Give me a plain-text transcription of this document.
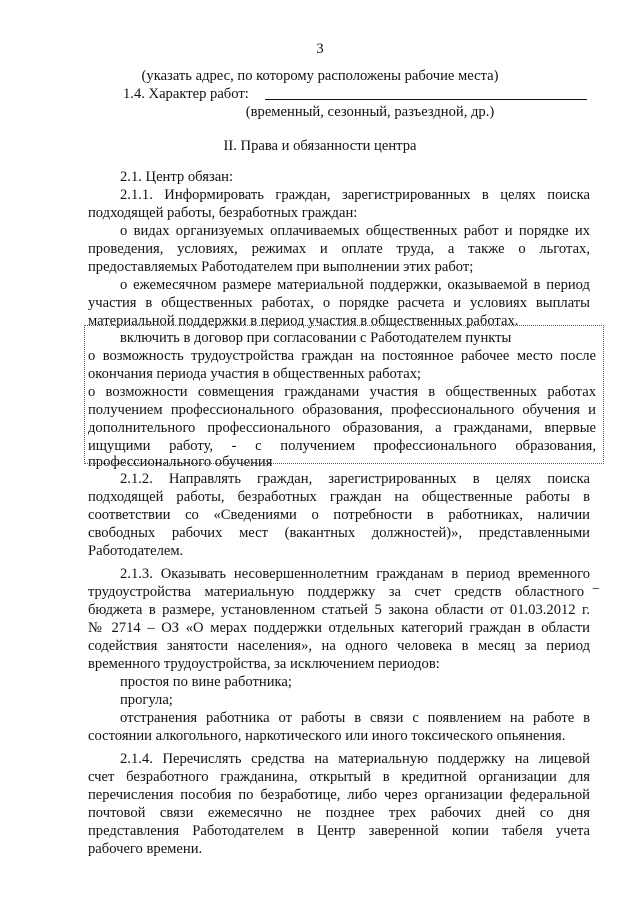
3
(указать адрес, по которому расположены рабочие места)
1.4. Характер работ:
(временный, сезонный, разъездной, др.)
II. Права и обязанности центра
2.1. Центр обязан:
2.1.1. Информировать граждан, зарегистрированных в целях поиска
подходящей работы, безработных граждан:
о видах организуемых оплачиваемых общественных работ и порядке их
проведения, условиях, режимах и оплате труда, а также о льготах,
предоставляемых Работодателем при выполнении этих работ;
о ежемесячном размере материальной поддержки, оказываемой в период
участия в общественных работах, о порядке расчета и условиях выплаты
материальной поддержки в период участия в общественных работах.
включить в договор при согласовании с Работодателем пункты
о возможность трудоустройства граждан на постоянное рабочее место после
окончания периода участия в общественных работах;
о возможности совмещения гражданами участия в общественных работах
получением профессионального образования, профессионального обучения и
дополнительного профессионального образования, а гражданами, впервые
ищущими работу, - с получением профессионального образования,
профессионального обучения
2.1.2. Направлять граждан, зарегистрированных в целях поиска
подходящей работы, безработных граждан на общественные работы в
соответствии со «Сведениями о потребности в работниках, наличии
свободных рабочих мест (вакантных должностей)», представленными
Работодателем.
2.1.3. Оказывать несовершеннолетним гражданам в период временного
трудоустройства материальную поддержку за счет средств областного −
бюджета в размере, установленном статьей 5 закона области от 01.03.2012 г.
№ 2714 – ОЗ «О мерах поддержки отдельных категорий граждан в области
содействия занятости населения», на одного человека в месяц за период
временного трудоустройства, за исключением периодов:
простоя по вине работника;
прогула;
отстранения работника от работы в связи с появлением на работе в
состоянии алкогольного, наркотического или иного токсического опьянения.
2.1.4. Перечислять средства на материальную поддержку на лицевой
счет безработного гражданина, открытый в кредитной организации для
перечисления пособия по безработице, либо через организации федеральной
почтовой связи ежемесячно не позднее трех рабочих дней со дня
представления Работодателем в Центр заверенной копии табеля учета
рабочего времени.
